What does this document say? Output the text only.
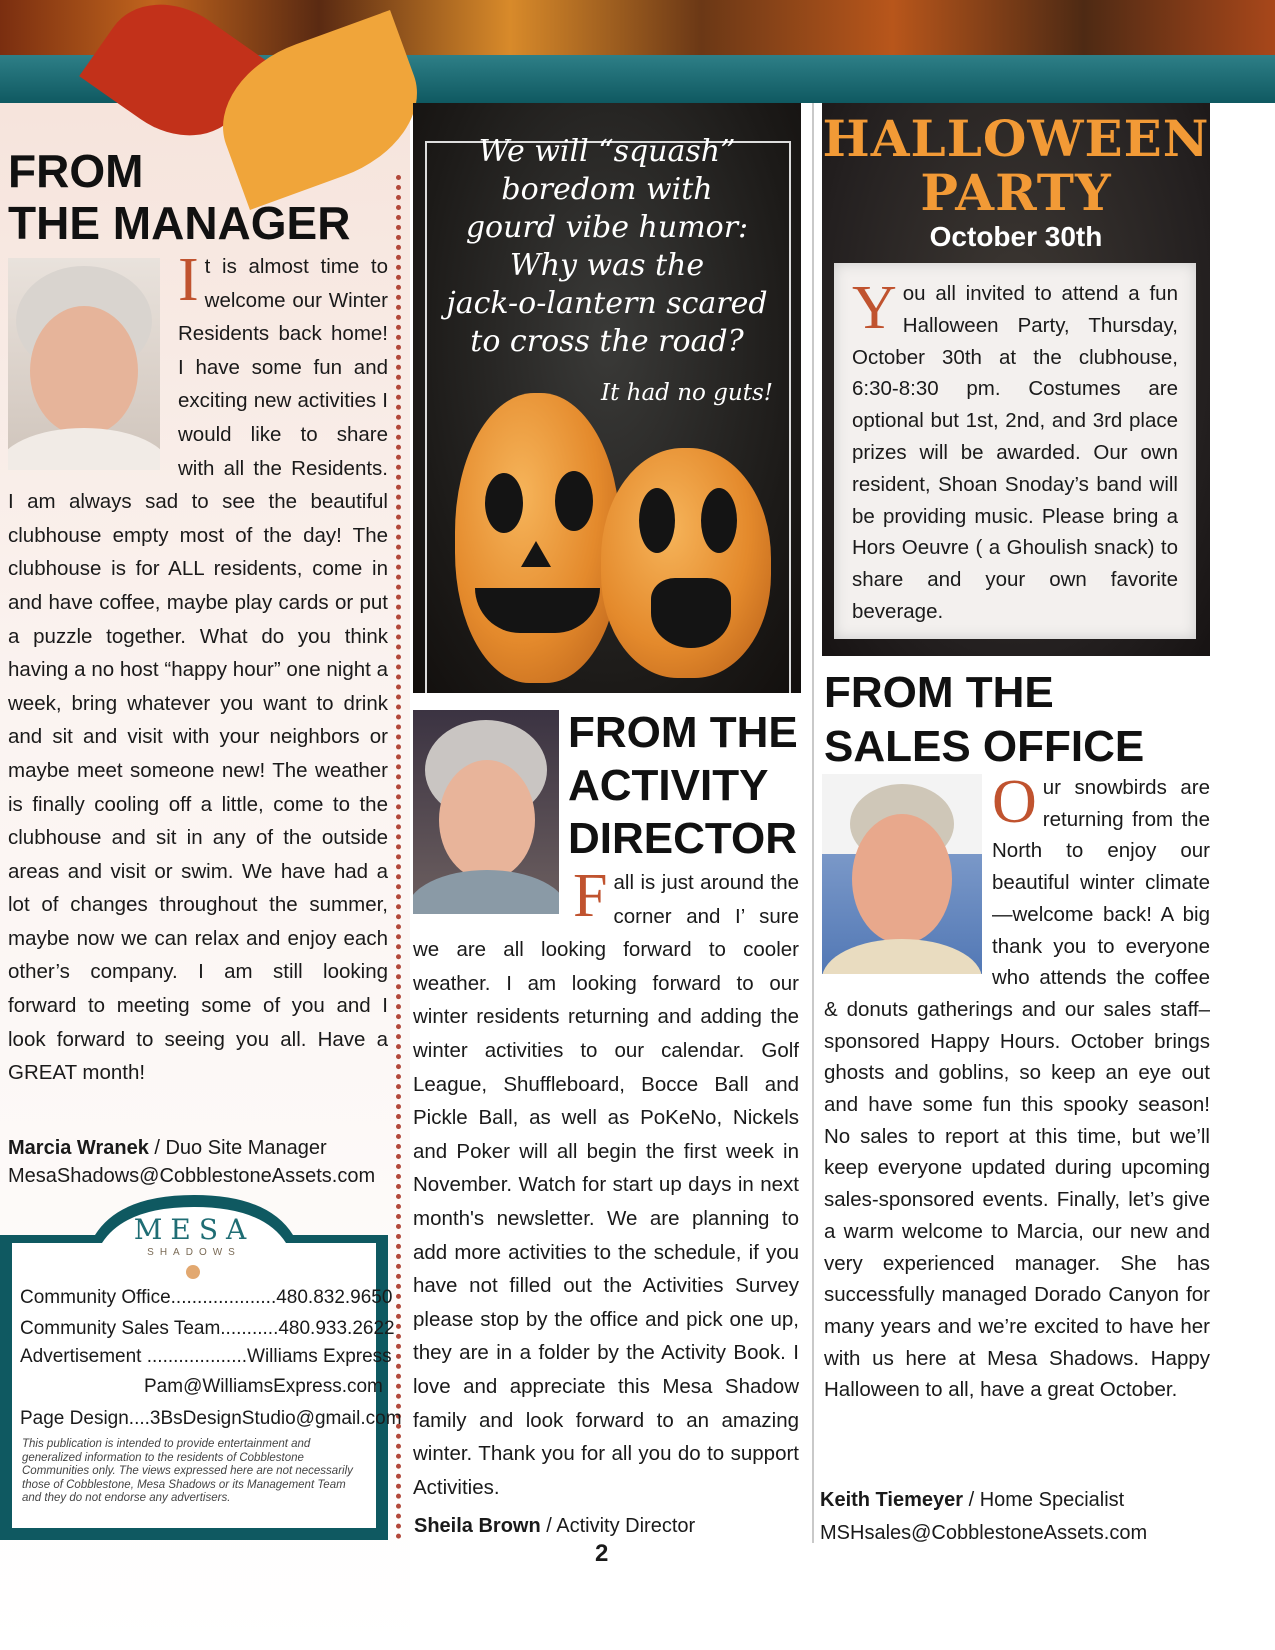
FROM
THE MANAGER

I t is almost time to welcome our Winter Residents back home! I have some fun and exciting new activities I would like to share with all the Residents. I am always sad to see the beautiful clubhouse empty most of the day! The clubhouse is for ALL residents, come in and have coffee, maybe play cards or put a puzzle together. What do you think having a no host “happy hour” one night a week, bring whatever you want to drink and sit and visit with your neighbors or maybe meet someone new! The weather is finally cooling off a little, come to the clubhouse and sit in any of the outside areas and visit or swim. We have had a lot of changes throughout the summer, maybe now we can relax and enjoy each other’s company. I am still looking forward to meeting some of you and I look forward to seeing you all. Have a GREAT month!

Marcia Wranek / Duo Site Manager
MesaShadows@CobblestoneAssets.com
MESA
SHADOWS
Community Office....................480.832.9650
Community Sales Team...........480.933.2622
Advertisement ...................Williams Express
Pam@WilliamsExpress.com
Page Design....3BsDesignStudio@gmail.com
This publication is intended to provide entertainment and generalized information to the residents of Cobblestone Communities only. The views expressed here are not necessarily those of Cobblestone, Mesa Shadows or its Management Team and they do not endorse any advertisers.
We will “squash”
boredom with
gourd vibe humor:
Why was the
jack-o-lantern scared
to cross the road?
It had no guts!
FROM THE
ACTIVITY
DIRECTOR

F all is just around the corner and I’ sure we are all looking forward to cooler weather. I am looking forward to our winter residents returning and adding the winter activities to our calendar. Golf League, Shuffleboard, Bocce Ball and Pickle Ball, as well as PoKeNo, Nickels and Poker will all begin the first week in November. Watch for start up days in next month's newsletter. We are planning to add more activities to the schedule, if you have not filled out the Activities Survey please stop by the office and pick one up, they are in a folder by the Activity Book. I love and appreciate this Mesa Shadow family and look forward to an amazing winter. Thank you for all you do to support Activities.

Sheila Brown / Activity Director
HALLOWEEN
PARTY
October 30th

Y ou all invited to attend a fun Halloween Party, Thursday, October 30th at the clubhouse, 6:30-8:30 pm. Costumes are optional but 1st, 2nd, and 3rd place prizes will be awarded. Our own resident, Shoan Snoday’s band will be providing music. Please bring a Hors Oeuvre ( a Ghoulish snack) to share and your own favorite beverage.

FROM THE
SALES OFFICE

O ur snowbirds are returning from the North to enjoy our beautiful winter climate—welcome back! A big thank you to everyone who attends the coffee & donuts gatherings and our sales staff–sponsored Happy Hours. October brings ghosts and goblins, so keep an eye out and have some fun this spooky season! No sales to report at this time, but we’ll keep everyone updated during upcoming sales-sponsored events. Finally, let’s give a warm welcome to Marcia, our new and very experienced manager. She has successfully managed Dorado Canyon for many years and we’re excited to have her with us here at Mesa Shadows. Happy Halloween to all, have a great October.

Keith Tiemeyer / Home Specialist
MSHsales@CobblestoneAssets.com
2
